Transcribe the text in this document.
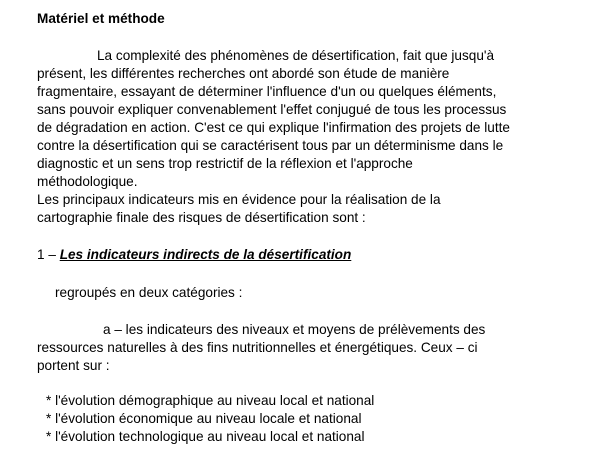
Matériel et méthode
La complexité des phénomènes de désertification, fait que jusqu'à
présent, les différentes recherches ont abordé son étude de manière
fragmentaire, essayant de déterminer l'influence d'un ou quelques éléments,
sans pouvoir expliquer convenablement l'effet conjugué de tous les processus
de dégradation en action. C'est ce qui explique l'infirmation des projets de lutte
contre la désertification qui se caractérisent tous par un déterminisme dans le
diagnostic et un sens trop restrictif de la réflexion et l'approche
méthodologique.
Les principaux indicateurs mis en évidence pour la réalisation de la
cartographie finale des risques de désertification sont :
1 – Les indicateurs indirects de la désertification
regroupés en deux catégories :
a – les indicateurs des niveaux et moyens de prélèvements des
ressources naturelles à des fins nutritionnelles et énergétiques. Ceux – ci
portent sur :
* l'évolution démographique au niveau local et national
* l'évolution économique au niveau locale et national
* l'évolution technologique au niveau local et national
